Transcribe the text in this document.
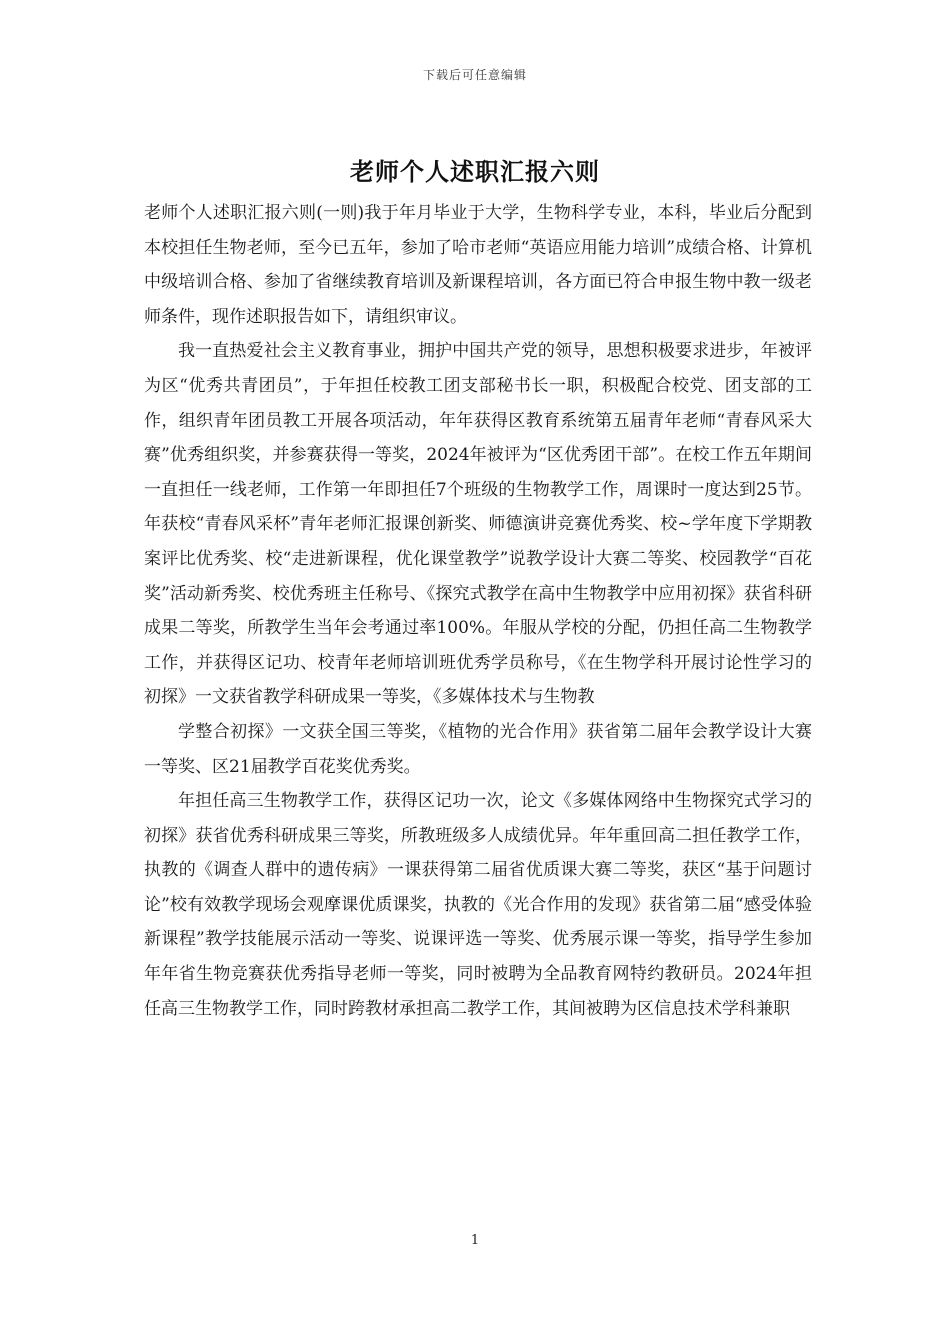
下载后可任意编辑
老师个人述职汇报六则

老师个人述职汇报六则(一则)我于年月毕业于大学，生物科学专业，本科，毕业后分配到本校担任生物老师，至今已五年，参加了哈市老师“英语应用能力培训”成绩合格、计算机中级培训合格、参加了省继续教育培训及新课程培训，各方面已符合申报生物中教一级老师条件，现作述职报告如下，请组织审议。

我一直热爱社会主义教育事业，拥护中国共产党的领导，思想积极要求进步，年被评为区“优秀共青团员”，于年担任校教工团支部秘书长一职，积极配合校党、团支部的工作，组织青年团员教工开展各项活动，年年获得区教育系统第五届青年老师“青春风采大赛”优秀组织奖，并参赛获得一等奖，2024年被评为“区优秀团干部”。在校工作五年期间一直担任一线老师，工作第一年即担任7个班级的生物教学工作，周课时一度达到25节。年获校“青春风采杯”青年老师汇报课创新奖、师德演讲竞赛优秀奖、校~学年度下学期教案评比优秀奖、校“走进新课程，优化课堂教学”说教学设计大赛二等奖、校园教学“百花奖”活动新秀奖、校优秀班主任称号、《探究式教学在高中生物教学中应用初探》获省科研成果二等奖，所教学生当年会考通过率100%。年服从学校的分配，仍担任高二生物教学工作，并获得区记功、校青年老师培训班优秀学员称号，《在生物学科开展讨论性学习的初探》一文获省教学科研成果一等奖，《多媒体技术与生物教

学整合初探》一文获全国三等奖，《植物的光合作用》获省第二届年会教学设计大赛一等奖、区21届教学百花奖优秀奖。

年担任高三生物教学工作，获得区记功一次，论文《多媒体网络中生物探究式学习的初探》获省优秀科研成果三等奖，所教班级多人成绩优异。年年重回高二担任教学工作，执教的《调查人群中的遗传病》一课获得第二届省优质课大赛二等奖，获区“基于问题讨论”校有效教学现场会观摩课优质课奖，执教的《光合作用的发现》获省第二届“感受体验新课程”教学技能展示活动一等奖、说课评选一等奖、优秀展示课一等奖，指导学生参加年年省生物竞赛获优秀指导老师一等奖，同时被聘为全品教育网特约教研员。2024年担任高三生物教学工作，同时跨教材承担高二教学工作，其间被聘为区信息技术学科兼职

1
